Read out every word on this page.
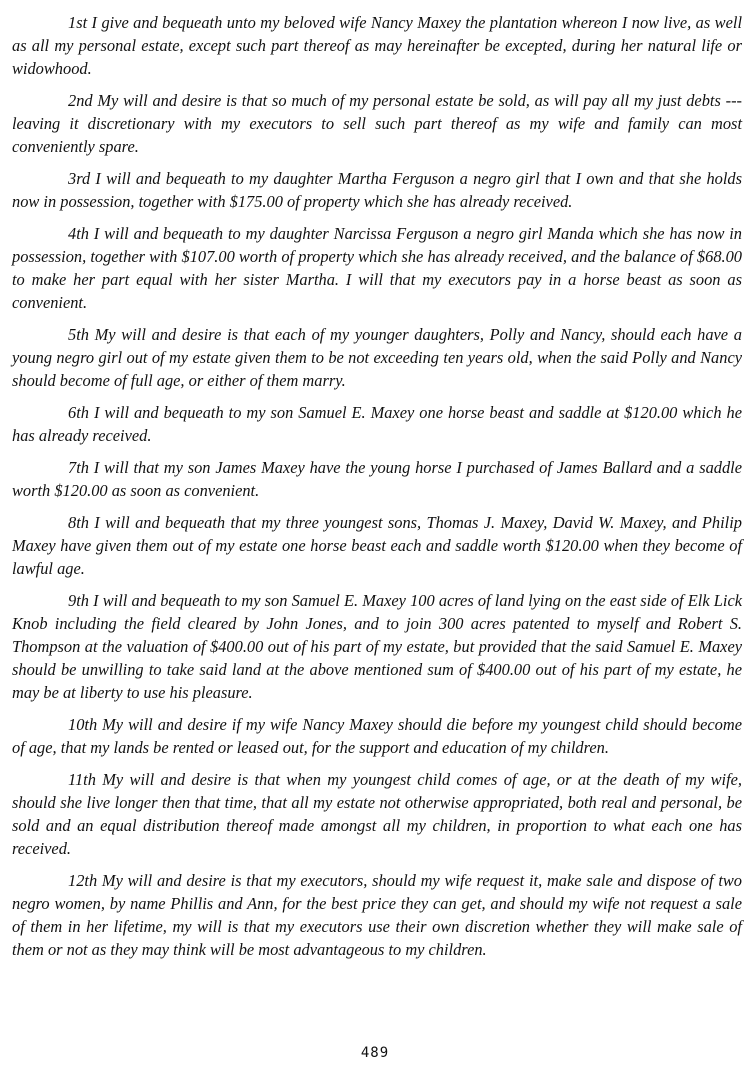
1st I give and bequeath unto my beloved wife Nancy Maxey the plantation whereon I now live, as well as all my personal estate, except such part thereof as may hereinafter be excepted, during her natural life or widowhood.

2nd My will and desire is that so much of my personal estate be sold, as will pay all my just debts --- leaving it discretionary with my executors to sell such part thereof as my wife and family can most conveniently spare.

3rd I will and bequeath to my daughter Martha Ferguson a negro girl that I own and that she holds now in possession, together with $175.00 of property which she has already received.

4th I will and bequeath to my daughter Narcissa Ferguson a negro girl Manda which she has now in possession, together with $107.00 worth of property which she has already received, and the balance of $68.00 to make her part equal with her sister Martha. I will that my executors pay in a horse beast as soon as convenient.

5th My will and desire is that each of my younger daughters, Polly and Nancy, should each have a young negro girl out of my estate given them to be not exceeding ten years old, when the said Polly and Nancy should become of full age, or either of them marry.

6th I will and bequeath to my son Samuel E. Maxey one horse beast and saddle at $120.00 which he has already received.

7th I will that my son James Maxey have the young horse I purchased of James Ballard and a saddle worth $120.00 as soon as convenient.

8th I will and bequeath that my three youngest sons, Thomas J. Maxey, David W. Maxey, and Philip Maxey have given them out of my estate one horse beast each and saddle worth $120.00 when they become of lawful age.

9th I will and bequeath to my son Samuel E. Maxey 100 acres of land lying on the east side of Elk Lick Knob including the field cleared by John Jones, and to join 300 acres patented to myself and Robert S. Thompson at the valuation of $400.00 out of his part of my estate, but provided that the said Samuel E. Maxey should be unwilling to take said land at the above mentioned sum of $400.00 out of his part of my estate, he may be at liberty to use his pleasure.

10th My will and desire if my wife Nancy Maxey should die before my youngest child should become of age, that my lands be rented or leased out, for the support and education of my children.

11th My will and desire is that when my youngest child comes of age, or at the death of my wife, should she live longer then that time, that all my estate not otherwise appropriated, both real and personal, be sold and an equal distribution thereof made amongst all my children, in proportion to what each one has received.

12th My will and desire is that my executors, should my wife request it, make sale and dispose of two negro women, by name Phillis and Ann, for the best price they can get, and should my wife not request a sale of them in her lifetime, my will is that my executors use their own discretion whether they will make sale of them or not as they may think will be most advantageous to my children.

489
